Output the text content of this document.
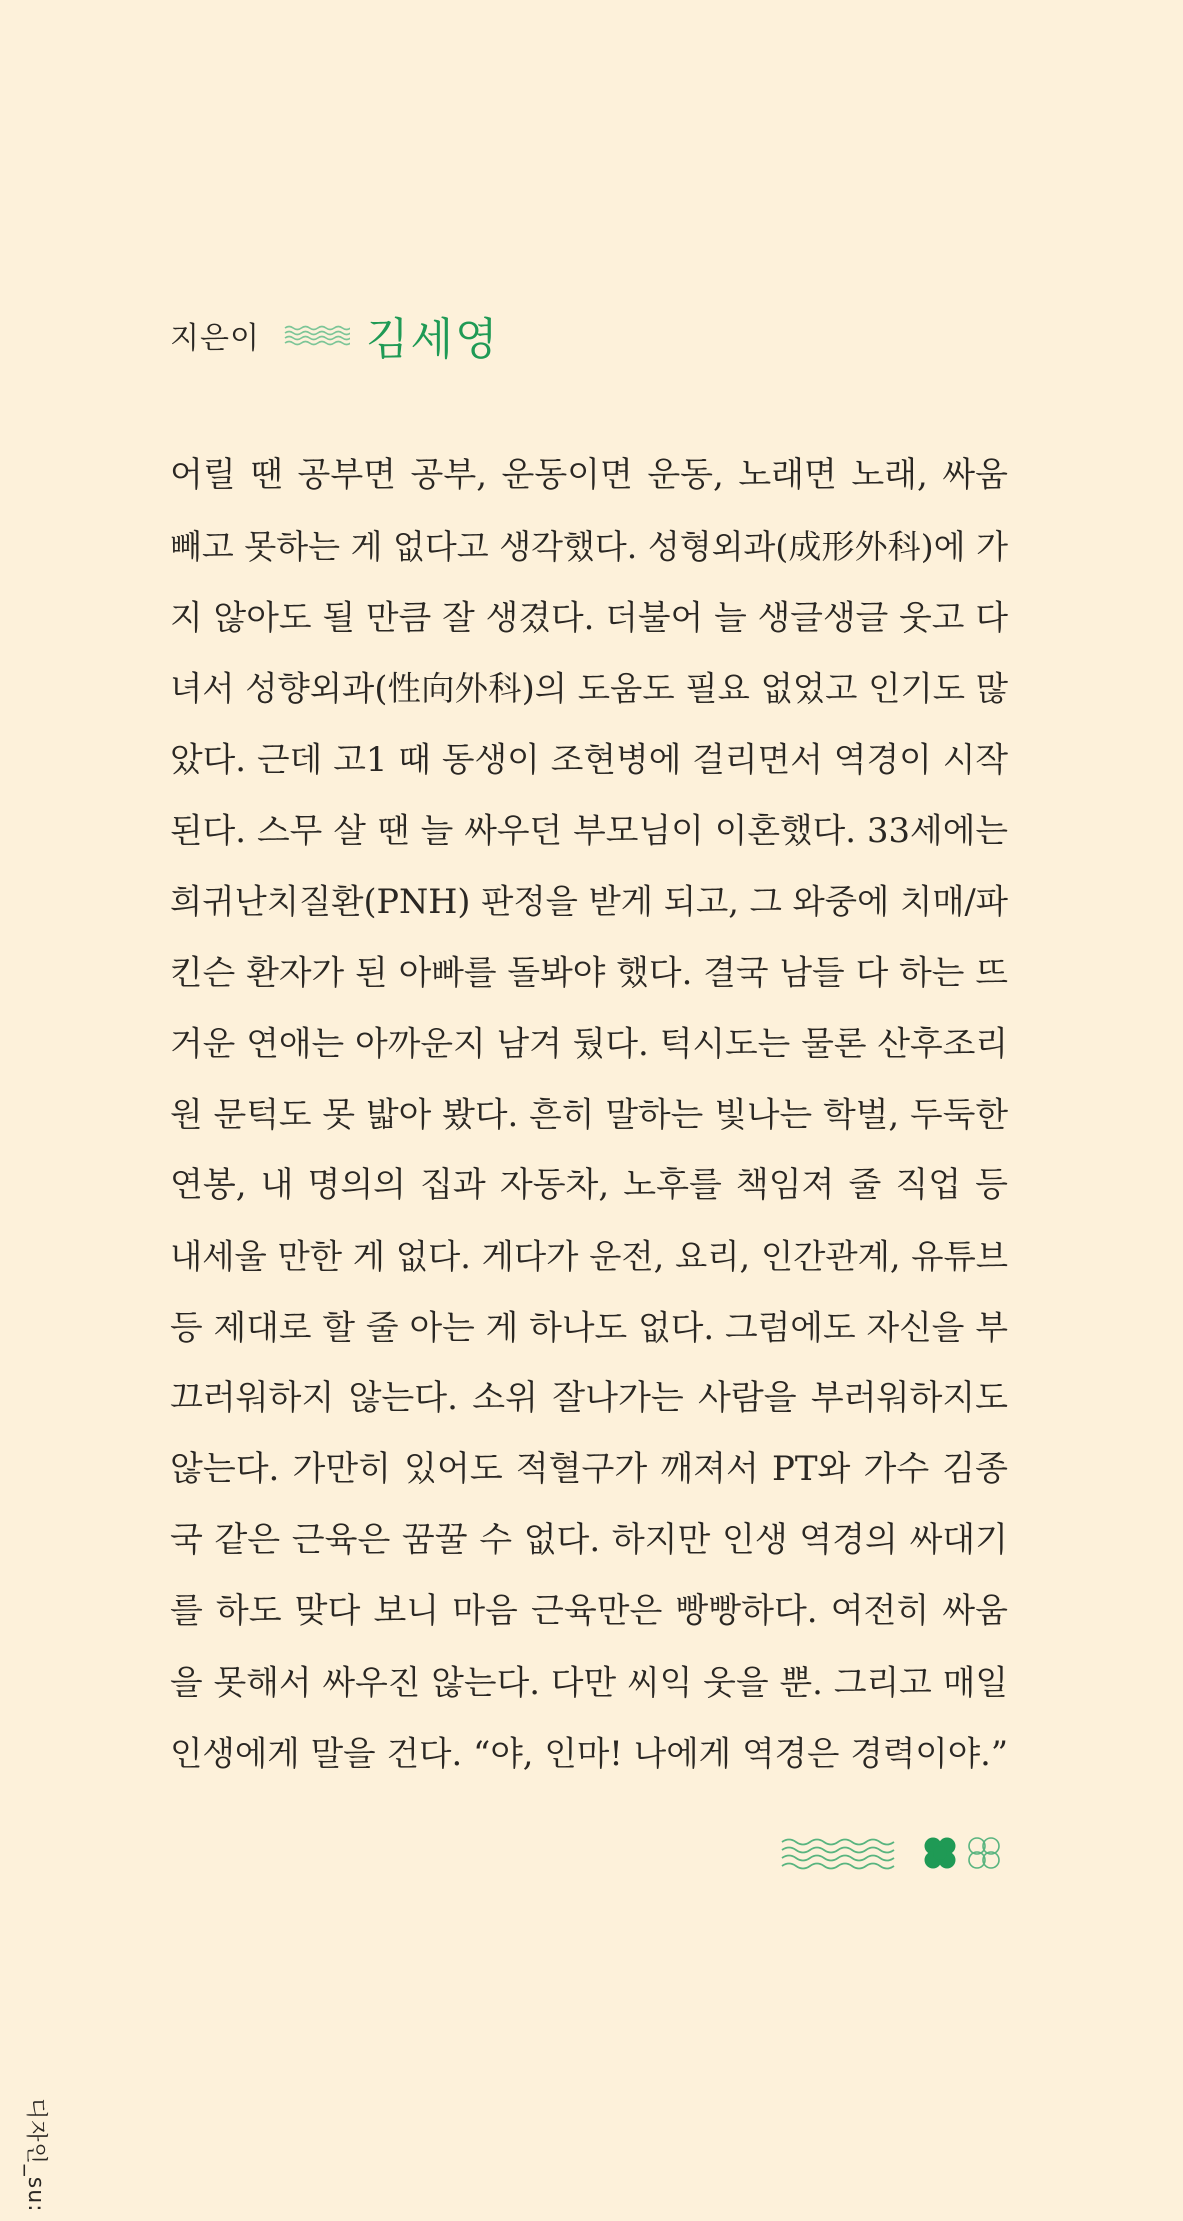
지은이 김세영
어릴 땐 공부면 공부, 운동이면 운동, 노래면 노래, 싸움
빼고 못하는 게 없다고 생각했다. 성형외과(成形外科)에 가
지 않아도 될 만큼 잘 생겼다. 더불어 늘 생글생글 웃고 다
녀서 성향외과(性向外科)의 도움도 필요 없었고 인기도 많
았다. 근데 고1 때 동생이 조현병에 걸리면서 역경이 시작
된다. 스무 살 땐 늘 싸우던 부모님이 이혼했다. 33세에는
희귀난치질환(PNH) 판정을 받게 되고, 그 와중에 치매/파
킨슨 환자가 된 아빠를 돌봐야 했다. 결국 남들 다 하는 뜨
거운 연애는 아까운지 남겨 뒀다. 턱시도는 물론 산후조리
원 문턱도 못 밟아 봤다. 흔히 말하는 빛나는 학벌, 두둑한
연봉, 내 명의의 집과 자동차, 노후를 책임져 줄 직업 등
내세울 만한 게 없다. 게다가 운전, 요리, 인간관계, 유튜브
등 제대로 할 줄 아는 게 하나도 없다. 그럼에도 자신을 부
끄러워하지 않는다. 소위 잘나가는 사람을 부러워하지도
않는다. 가만히 있어도 적혈구가 깨져서 PT와 가수 김종
국 같은 근육은 꿈꿀 수 없다. 하지만 인생 역경의 싸대기
를 하도 맞다 보니 마음 근육만은 빵빵하다. 여전히 싸움
을 못해서 싸우진 않는다. 다만 씨익 웃을 뿐. 그리고 매일
인생에게 말을 건다. “야, 인마! 나에게 역경은 경력이야.”
디자인_su:
